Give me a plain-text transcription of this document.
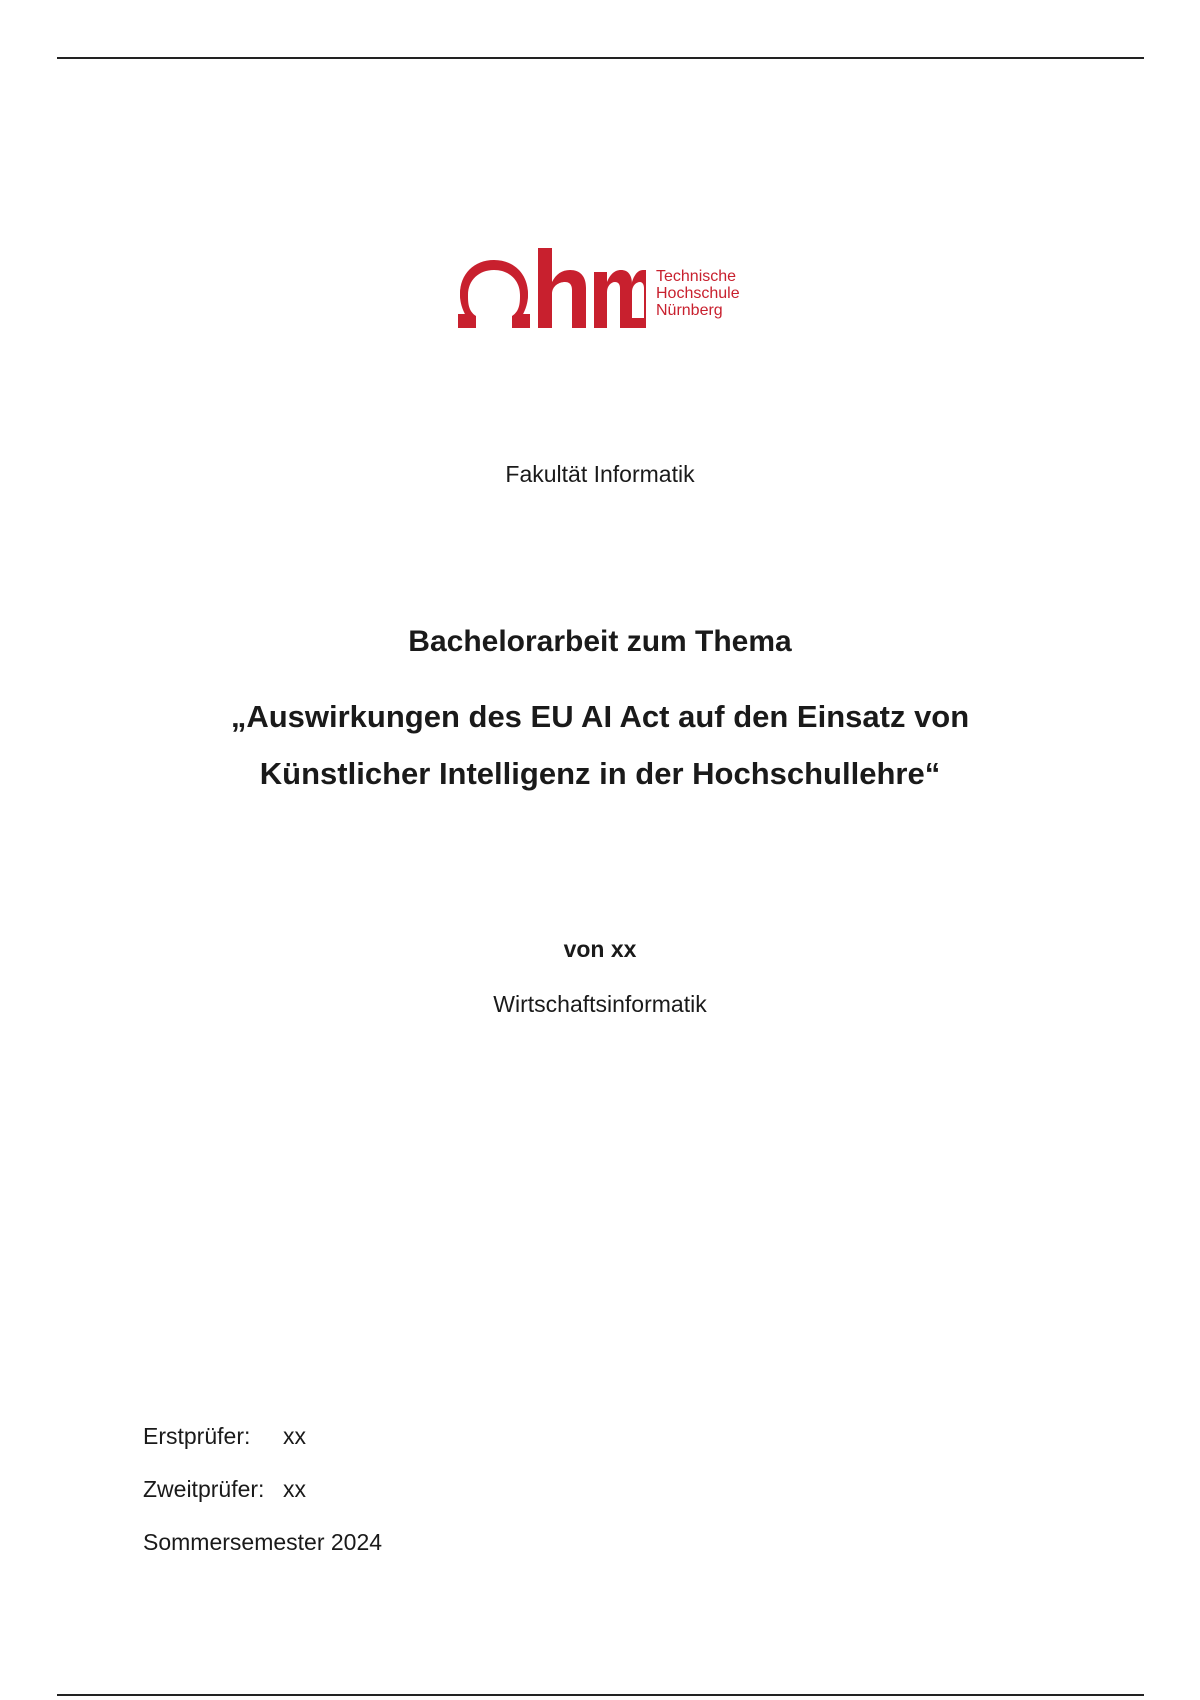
Technische
Hochschule
Nürnberg
Fakultät Informatik
Bachelorarbeit zum Thema
„Auswirkungen des EU AI Act auf den Einsatz von
Künstlicher Intelligenz in der Hochschullehre“
von xx
Wirtschaftsinformatik
Erstprüfer: xx
Zweitprüfer: xx
Sommersemester 2024
